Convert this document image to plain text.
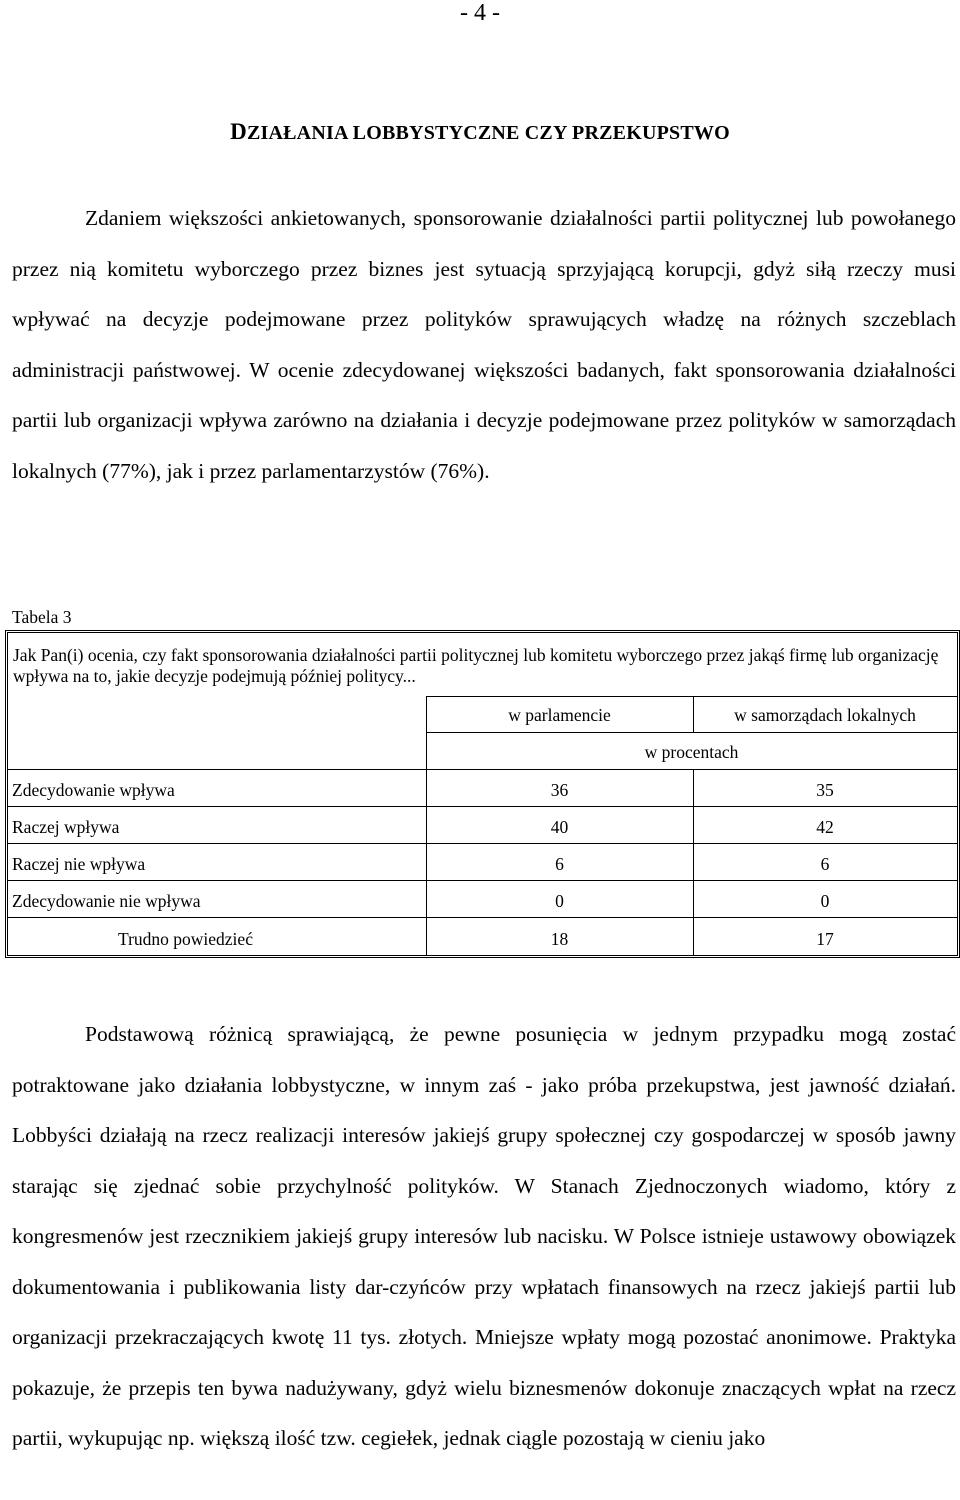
- 4 -
DZIAŁANIA LOBBYSTYCZNE CZY PRZEKUPSTWO

Zdaniem większości ankietowanych, sponsorowanie działalności partii politycznej lub powołanego przez nią komitetu wyborczego przez biznes jest sytuacją sprzyjającą korupcji, gdyż siłą rzeczy musi wpływać na decyzje podejmowane przez polityków sprawujących władzę na różnych szczeblach administracji państwowej. W ocenie zdecydowanej większości badanych, fakt sponsorowania działalności partii lub organizacji wpływa zarówno na działania i decyzje podejmowane przez polityków w samorządach lokalnych (77%), jak i przez parlamentarzystów (76%).

Tabela 3
Jak Pan(i) ocenia, czy fakt sponsorowania działalności partii politycznej lub komitetu wyborczego przez jakąś firmę lub organizację wpływa na to, jakie decyzje podejmują później politycy...
w parlamencie	w samorządach lokalnych
w procentach
Zdecydowanie wpływa	36	35
Raczej wpływa	40	42
Raczej nie wpływa	6	6
Zdecydowanie nie wpływa	0	0
Trudno powiedzieć	18	17

Podstawową różnicą sprawiającą, że pewne posunięcia w jednym przypadku mogą zostać potraktowane jako działania lobbystyczne, w innym zaś - jako próba przekupstwa, jest jawność działań. Lobbyści działają na rzecz realizacji interesów jakiejś grupy społecznej czy gospodarczej w sposób jawny starając się zjednać sobie przychylność polityków. W Stanach Zjednoczonych wiadomo, który z kongresmenów jest rzecznikiem jakiejś grupy interesów lub nacisku. W Polsce istnieje ustawowy obowiązek dokumentowania i publikowania listy dar-czyńców przy wpłatach finansowych na rzecz jakiejś partii lub organizacji przekraczających kwotę 11 tys. złotych. Mniejsze wpłaty mogą pozostać anonimowe. Praktyka pokazuje, że przepis ten bywa nadużywany, gdyż wielu biznesmenów dokonuje znaczących wpłat na rzecz partii, wykupując np. większą ilość tzw. cegiełek, jednak ciągle pozostają w cieniu jako
